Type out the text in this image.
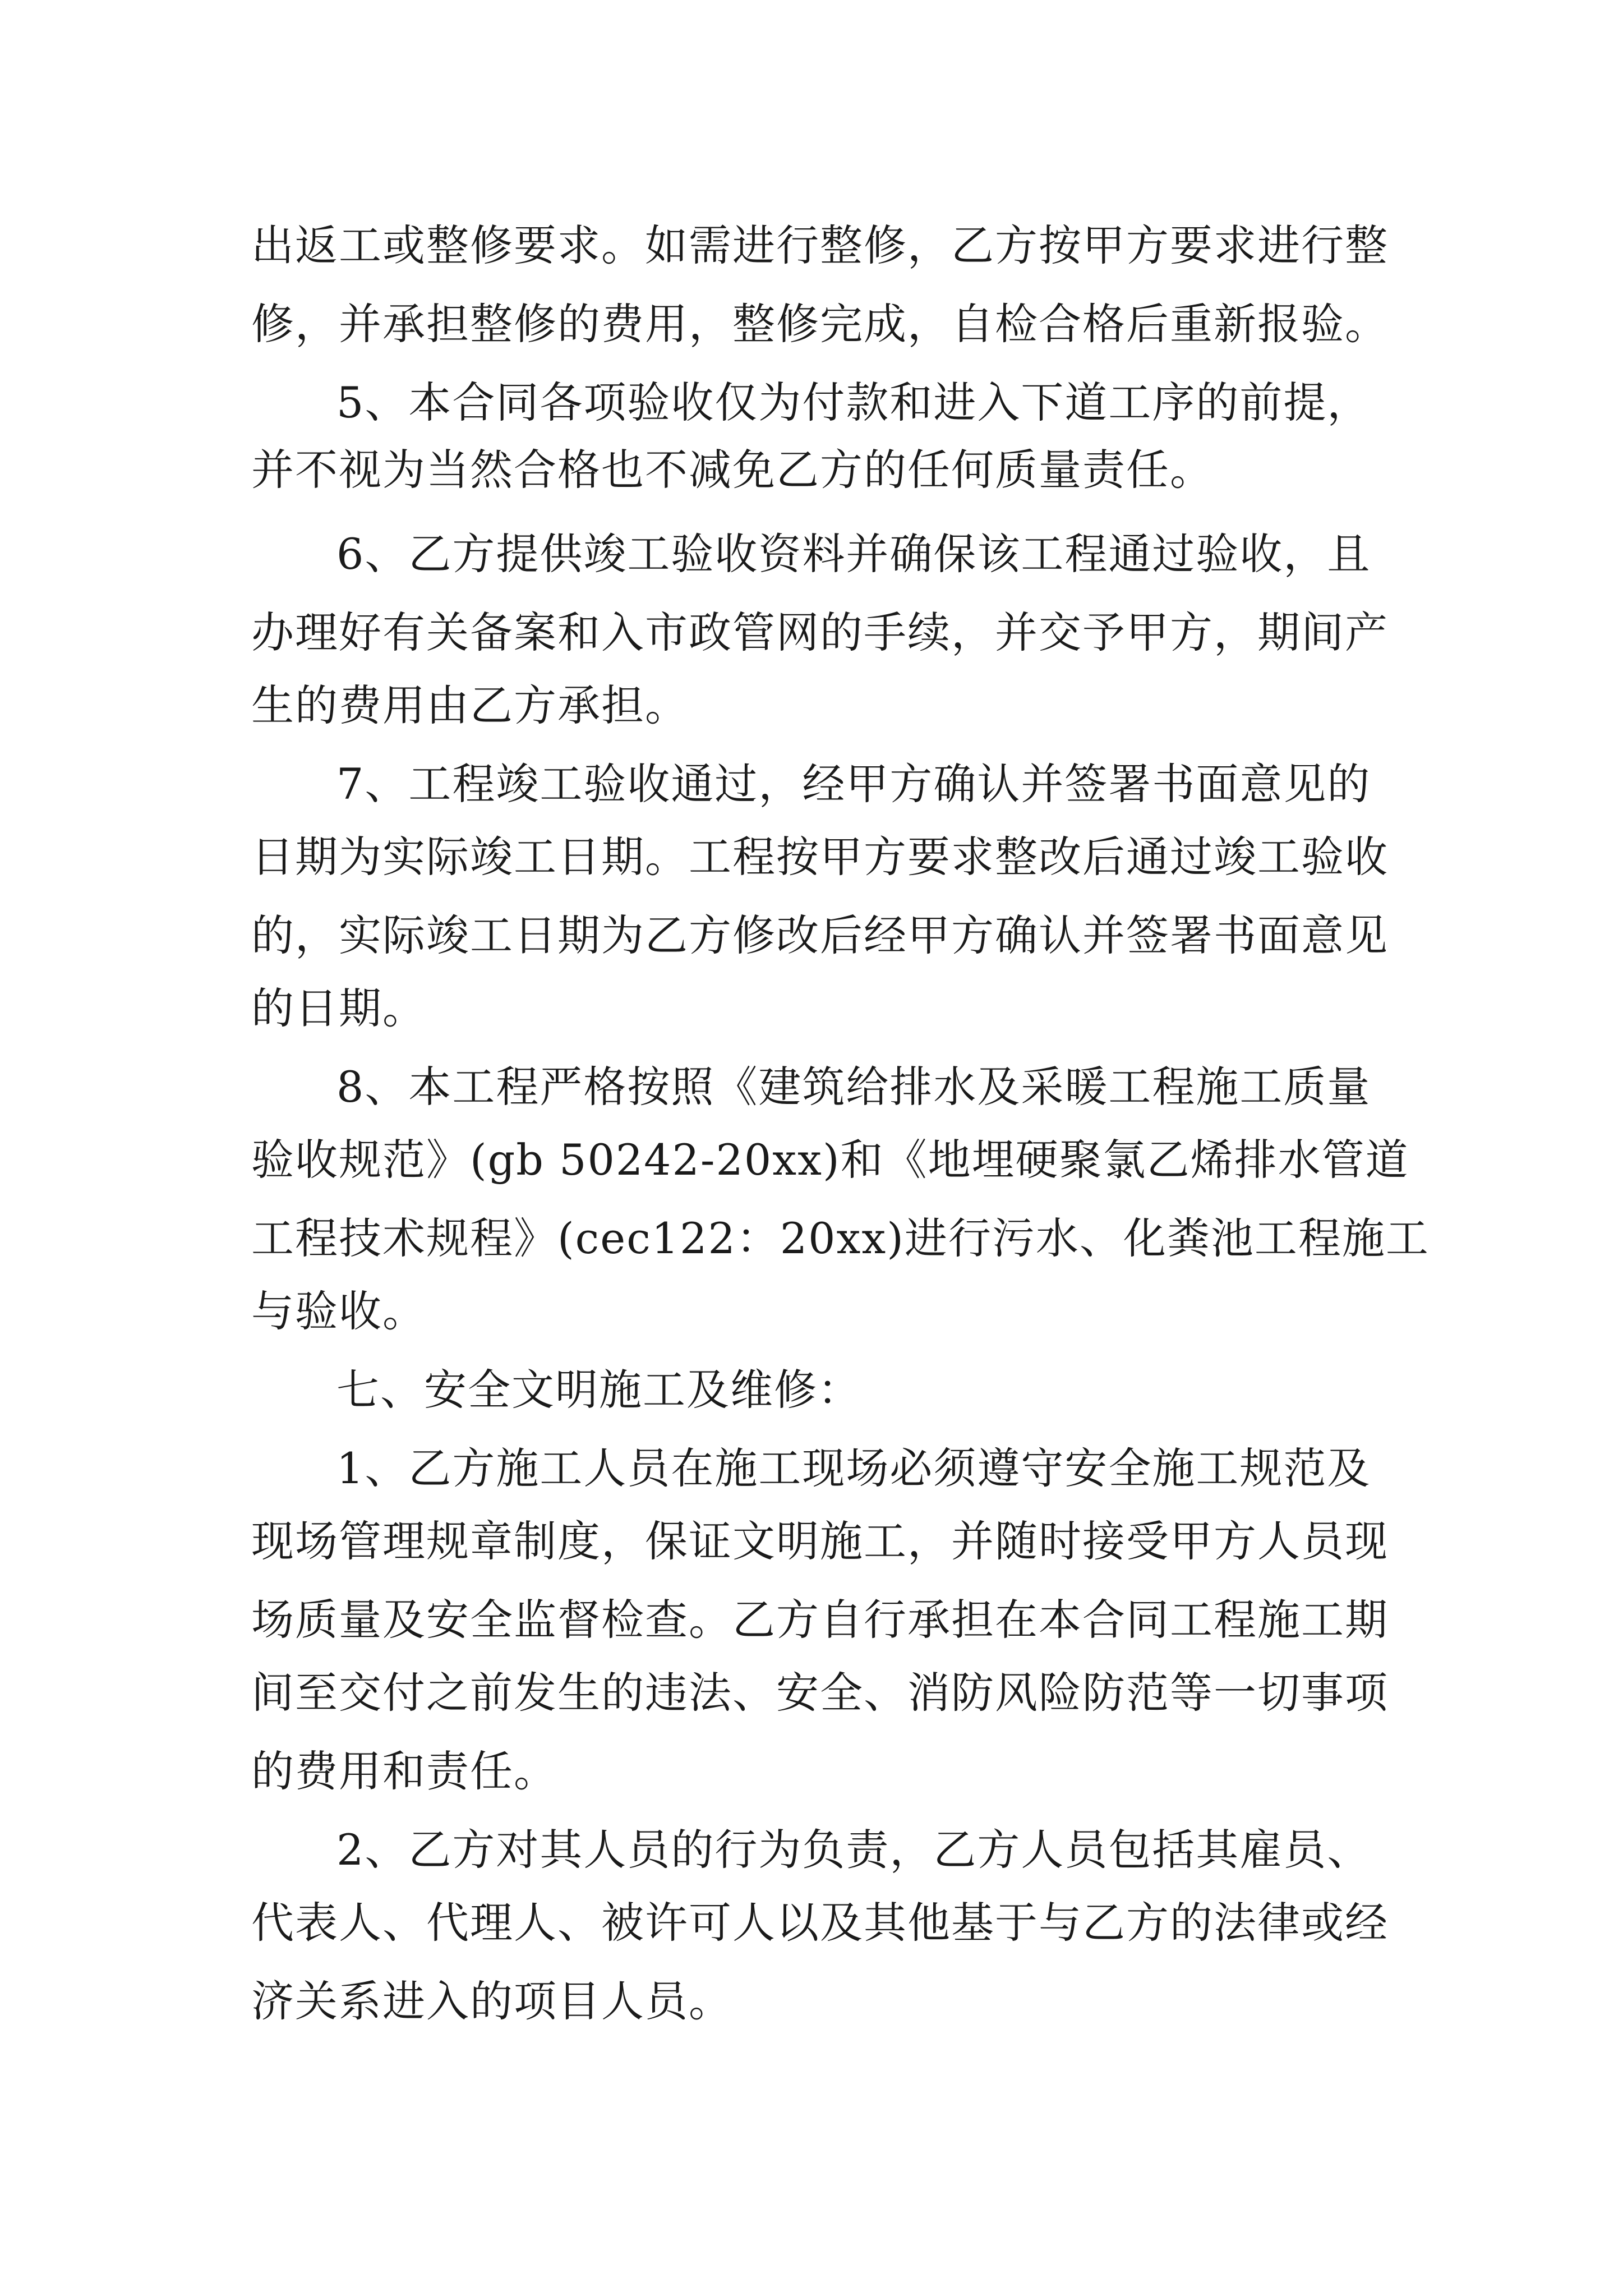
出返工或整修要求。如需进行整修，乙方按甲方要求进行整
修，并承担整修的费用，整修完成，自检合格后重新报验。
5、本合同各项验收仅为付款和进入下道工序的前提，
并不视为当然合格也不减免乙方的任何质量责任。
6、乙方提供竣工验收资料并确保该工程通过验收，且
办理好有关备案和入市政管网的手续，并交予甲方，期间产
生的费用由乙方承担。
7、工程竣工验收通过，经甲方确认并签署书面意见的
日期为实际竣工日期。工程按甲方要求整改后通过竣工验收
的，实际竣工日期为乙方修改后经甲方确认并签署书面意见
的日期。
8、本工程严格按照《建筑给排水及采暖工程施工质量
验收规范》(gb 50242-20xx)和《地埋硬聚氯乙烯排水管道
工程技术规程》(cec122：20xx)进行污水、化粪池工程施工
与验收。
七、安全文明施工及维修：
1、乙方施工人员在施工现场必须遵守安全施工规范及
现场管理规章制度，保证文明施工，并随时接受甲方人员现
场质量及安全监督检查。乙方自行承担在本合同工程施工期
间至交付之前发生的违法、安全、消防风险防范等一切事项
的费用和责任。
2、乙方对其人员的行为负责，乙方人员包括其雇员、
代表人、代理人、被许可人以及其他基于与乙方的法律或经
济关系进入的项目人员。
